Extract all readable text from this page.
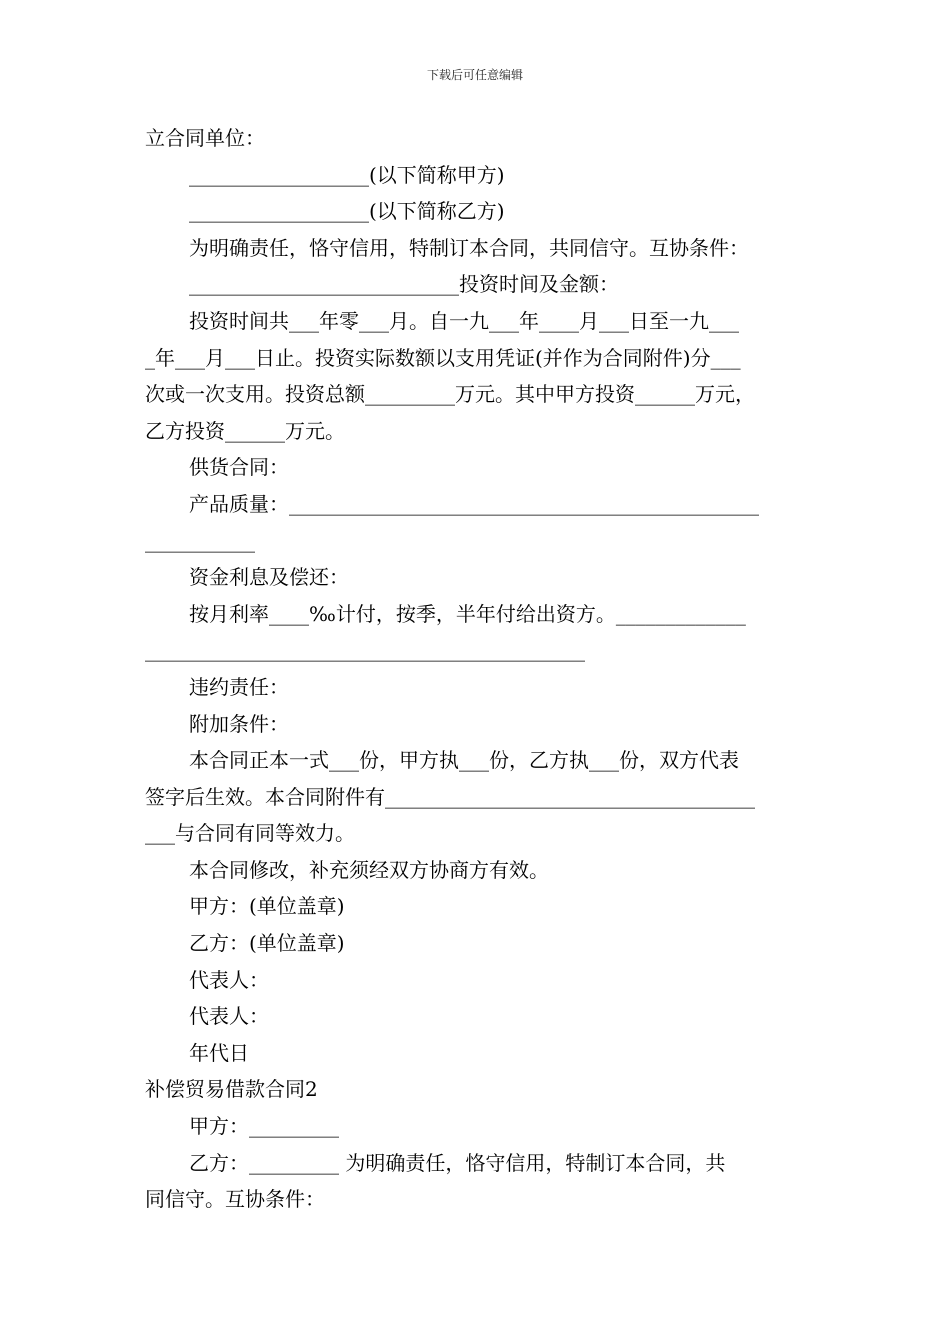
下载后可任意编辑
立合同单位：
__________________(以下简称甲方)
__________________(以下简称乙方)
为明确责任，恪守信用，特制订本合同，共同信守。互协条件：
___________________________投资时间及金额：
投资时间共___年零___月。自一九___年____月___日至一九___
_年___月___日止。投资实际数额以支用凭证(并作为合同附件)分___
次或一次支用。投资总额_________万元。其中甲方投资______万元，
乙方投资______万元。
供货合同：
产品质量：_______________________________________________
___________
资金利息及偿还：
按月利率____‰计付，按季，半年付给出资方。_____________
____________________________________________
违约责任：
附加条件：
本合同正本一式___份，甲方执___份，乙方执___份，双方代表
签字后生效。本合同附件有_____________________________________
___与合同有同等效力。
本合同修改，补充须经双方协商方有效。
甲方：(单位盖章)
乙方：(单位盖章)
代表人：
代表人：
年代日
补偿贸易借款合同2
甲方：_________
乙方：_________ 为明确责任，恪守信用，特制订本合同，共
同信守。互协条件：
